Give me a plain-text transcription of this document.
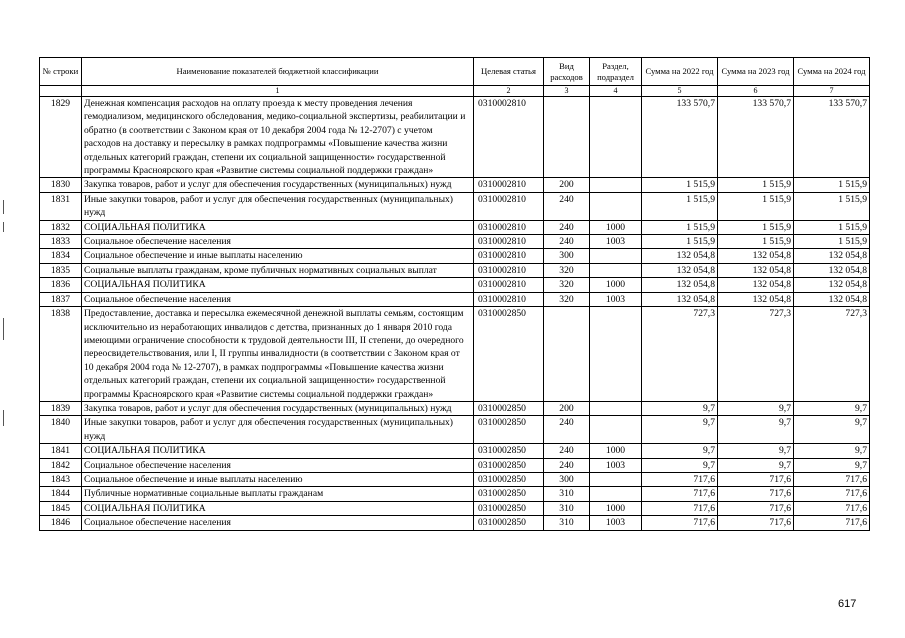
№ строки	Наименование показателей бюджетной классификации	Целевая статья	Вид расходов	Раздел, подраздел	Сумма на 2022 год	Сумма на 2023 год	Сумма на 2024 год
	1	2	3	4	5	6	7
1829	Денежная компенсация расходов на оплату проезда к месту проведения лечения гемодиализом, медицинского обследования, медико-социальной экспертизы, реабилитации и обратно (в соответствии с Законом края от 10 декабря 2004 года № 12-2707) с учетом расходов на доставку и пересылку в рамках подпрограммы «Повышение качества жизни отдельных категорий граждан, степени их социальной защищенности» государственной программы Красноярского края «Развитие системы социальной поддержки граждан»	0310002810			133 570,7	133 570,7	133 570,7
1830	Закупка товаров, работ и услуг для обеспечения государственных (муниципальных) нужд	0310002810	200		1 515,9	1 515,9	1 515,9
1831	Иные закупки товаров, работ и услуг для обеспечения государственных (муниципальных) нужд	0310002810	240		1 515,9	1 515,9	1 515,9
1832	СОЦИАЛЬНАЯ ПОЛИТИКА	0310002810	240	1000	1 515,9	1 515,9	1 515,9
1833	Социальное обеспечение населения	0310002810	240	1003	1 515,9	1 515,9	1 515,9
1834	Социальное обеспечение и иные выплаты населению	0310002810	300		132 054,8	132 054,8	132 054,8
1835	Социальные выплаты гражданам, кроме публичных нормативных социальных выплат	0310002810	320		132 054,8	132 054,8	132 054,8
1836	СОЦИАЛЬНАЯ ПОЛИТИКА	0310002810	320	1000	132 054,8	132 054,8	132 054,8
1837	Социальное обеспечение населения	0310002810	320	1003	132 054,8	132 054,8	132 054,8
1838	Предоставление, доставка и пересылка ежемесячной денежной выплаты семьям, состоящим исключительно из неработающих инвалидов с детства, признанных до 1 января 2010 года имеющими ограничение способности к трудовой деятельности III, II степени, до очередного переосвидетельствования, или I, II группы инвалидности (в соответствии с Законом края от 10 декабря 2004 года № 12-2707), в рамках подпрограммы «Повышение качества жизни отдельных категорий граждан, степени их социальной защищенности» государственной программы Красноярского края «Развитие системы социальной поддержки граждан»	0310002850			727,3	727,3	727,3
1839	Закупка товаров, работ и услуг для обеспечения государственных (муниципальных) нужд	0310002850	200		9,7	9,7	9,7
1840	Иные закупки товаров, работ и услуг для обеспечения государственных (муниципальных) нужд	0310002850	240		9,7	9,7	9,7
1841	СОЦИАЛЬНАЯ ПОЛИТИКА	0310002850	240	1000	9,7	9,7	9,7
1842	Социальное обеспечение населения	0310002850	240	1003	9,7	9,7	9,7
1843	Социальное обеспечение и иные выплаты населению	0310002850	300		717,6	717,6	717,6
1844	Публичные нормативные социальные выплаты гражданам	0310002850	310		717,6	717,6	717,6
1845	СОЦИАЛЬНАЯ ПОЛИТИКА	0310002850	310	1000	717,6	717,6	717,6
1846	Социальное обеспечение населения	0310002850	310	1003	717,6	717,6	717,6
617
